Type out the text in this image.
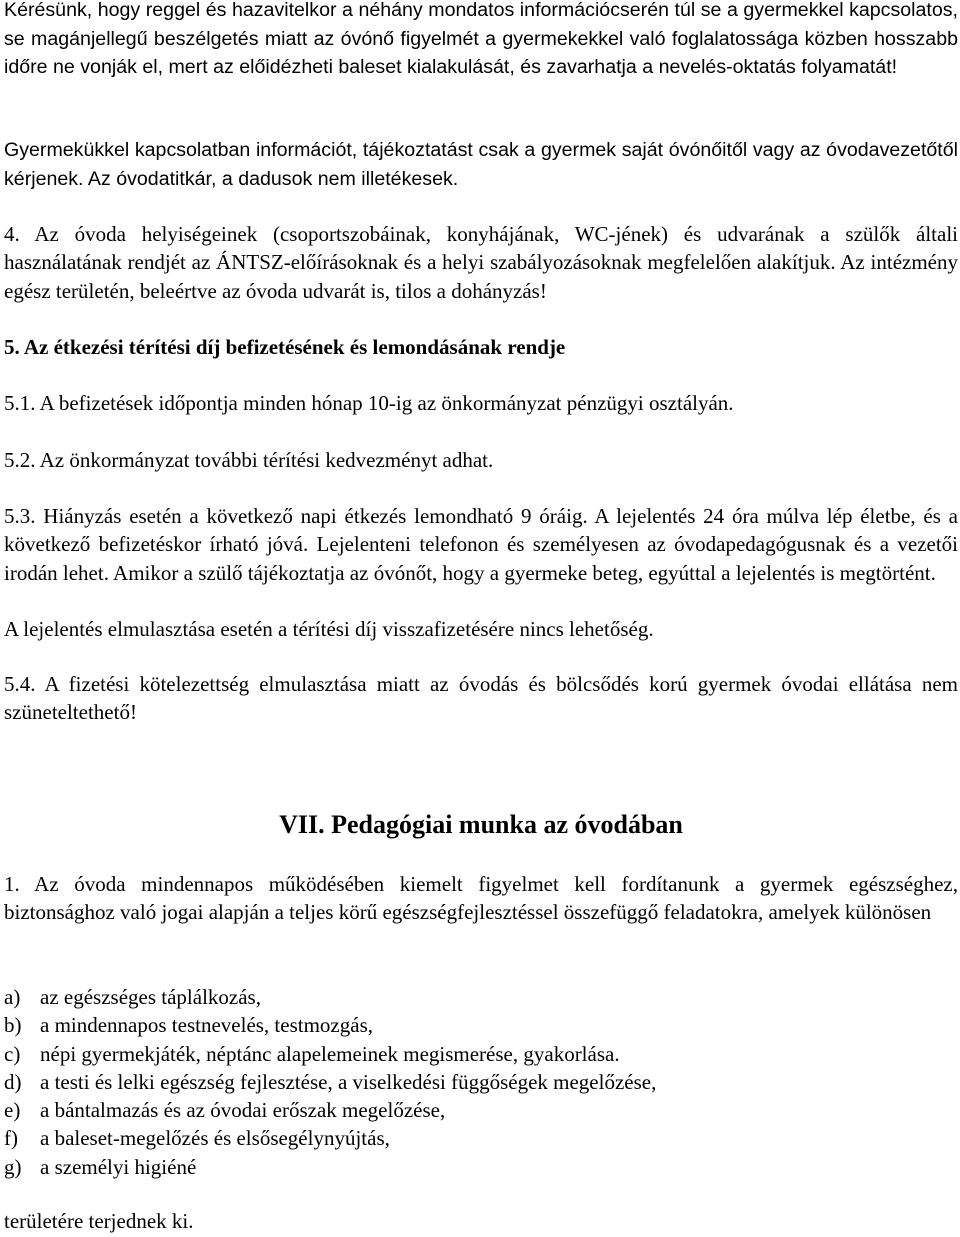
Kérésünk, hogy reggel és hazavitelkor a néhány mondatos információcserén túl se a gyermekkel kapcsolatos, se magánjellegű beszélgetés miatt az óvónő figyelmét a gyermekekkel való foglalatossága közben hosszabb időre ne vonják el, mert az előidézheti baleset kialakulását, és zavarhatja a nevelés-oktatás folyamatát!

Gyermekükkel kapcsolatban információt, tájékoztatást csak a gyermek saját óvónőitől vagy az óvodavezetőtől kérjenek. Az óvodatitkár, a dadusok nem illetékesek.

4. Az óvoda helyiségeinek (csoportszobáinak, konyhájának, WC-jének) és udvarának a szülők általi használatának rendjét az ÁNTSZ-előírásoknak és a helyi szabályozásoknak megfelelően alakítjuk. Az intézmény egész területén, beleértve az óvoda udvarát is, tilos a dohányzás!

5. Az étkezési térítési díj befizetésének és lemondásának rendje

5.1. A befizetések időpontja minden hónap 10-ig az önkormányzat pénzügyi osztályán.

5.2. Az önkormányzat további térítési kedvezményt adhat.

5.3. Hiányzás esetén a következő napi étkezés lemondható 9 óráig. A lejelentés 24 óra múlva lép életbe, és a következő befizetéskor írható jóvá. Lejelenteni telefonon és személyesen az óvodapedagógusnak és a vezetői irodán lehet. Amikor a szülő tájékoztatja az óvónőt, hogy a gyermeke beteg, egyúttal a lejelentés is megtörtént.

A lejelentés elmulasztása esetén a térítési díj visszafizetésére nincs lehetőség.

5.4. A fizetési kötelezettség elmulasztása miatt az óvodás és bölcsődés korú gyermek óvodai ellátása nem szüneteltethető!

VII. Pedagógiai munka az óvodában

1. Az óvoda mindennapos működésében kiemelt figyelmet kell fordítanunk a gyermek egészséghez, biztonsághoz való jogai alapján a teljes körű egészségfejlesztéssel összefüggő feladatokra, amelyek különösen

a) az egészséges táplálkozás,
b) a mindennapos testnevelés, testmozgás,
c) népi gyermekjáték, néptánc alapelemeinek megismerése, gyakorlása.
d) a testi és lelki egészség fejlesztése, a viselkedési függőségek megelőzése,
e) a bántalmazás és az óvodai erőszak megelőzése,
f)	a baleset-megelőzés és elsősegélynyújtás,
g) a személyi higiéné

területére terjednek ki.
